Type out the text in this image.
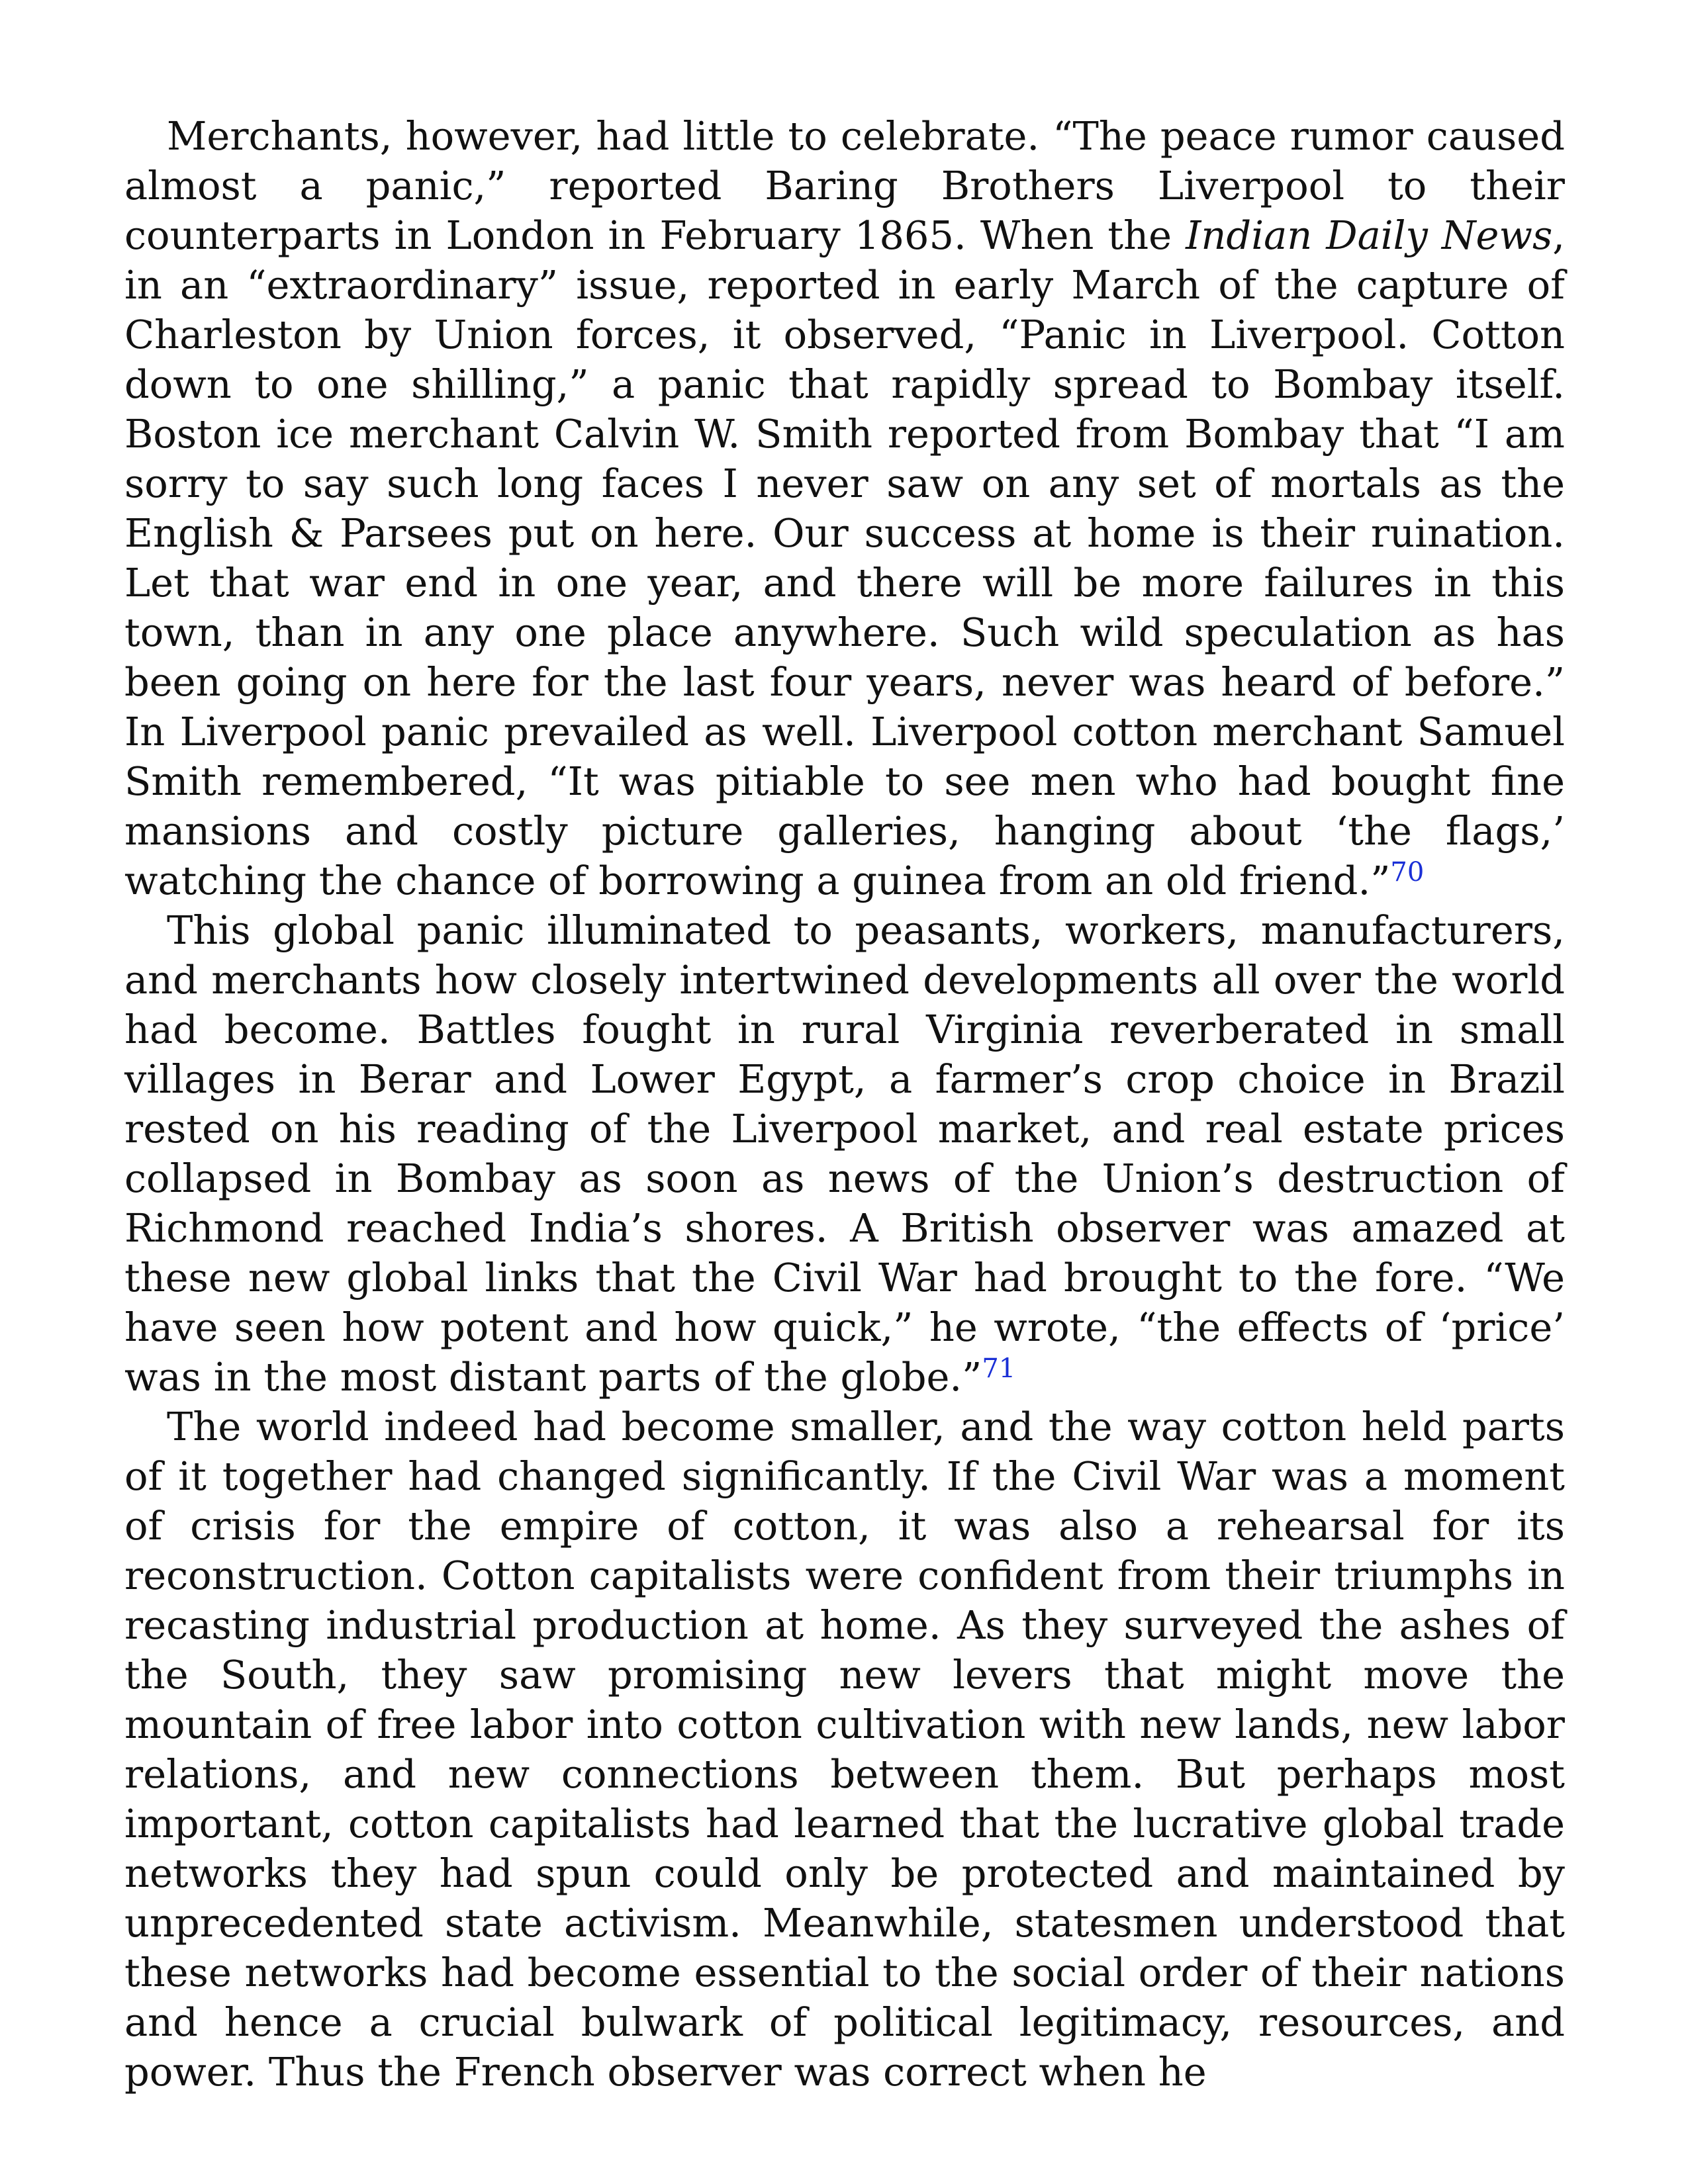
Merchants, however, had little to celebrate. “The peace rumor caused almost a panic,” reported Baring Brothers Liverpool to their counterparts in London in February 1865. When the Indian Daily News, in an “extraordinary” issue, reported in early March of the capture of Charleston by Union forces, it observed, “Panic in Liverpool. Cotton down to one shilling,” a panic that rapidly spread to Bombay itself. Boston ice merchant Calvin W. Smith reported from Bombay that “I am sorry to say such long faces I never saw on any set of mortals as the English & Parsees put on here. Our success at home is their ruination. Let that war end in one year, and there will be more failures in this town, than in any one place anywhere. Such wild speculation as has been going on here for the last four years, never was heard of before.” In Liverpool panic prevailed as well. Liverpool cotton merchant Samuel Smith remembered, “It was pitiable to see men who had bought fine mansions and costly picture galleries, hanging about ‘the flags,’ watching the chance of borrowing a guinea from an old friend.”$^{70}$

This global panic illuminated to peasants, workers, manufacturers, and merchants how closely intertwined developments all over the world had become. Battles fought in rural Virginia reverberated in small villages in Berar and Lower Egypt, a farmer’s crop choice in Brazil rested on his reading of the Liverpool market, and real estate prices collapsed in Bombay as soon as news of the Union’s destruction of Richmond reached India’s shores. A British observer was amazed at these new global links that the Civil War had brought to the fore. “We have seen how potent and how quick,” he wrote, “the effects of ‘price’ was in the most distant parts of the globe.”$^{71}$

The world indeed had become smaller, and the way cotton held parts of it together had changed significantly. If the Civil War was a moment of crisis for the empire of cotton, it was also a rehearsal for its reconstruction. Cotton capitalists were confident from their triumphs in recasting industrial production at home. As they surveyed the ashes of the South, they saw promising new levers that might move the mountain of free labor into cotton cultivation with new lands, new labor relations, and new connections between them. But perhaps most important, cotton capitalists had learned that the lucrative global trade networks they had spun could only be protected and maintained by unprecedented state activism. Meanwhile, statesmen understood that these networks had become essential to the social order of their nations and hence a crucial bulwark of political legitimacy, resources, and power. Thus the French observer was correct when he
